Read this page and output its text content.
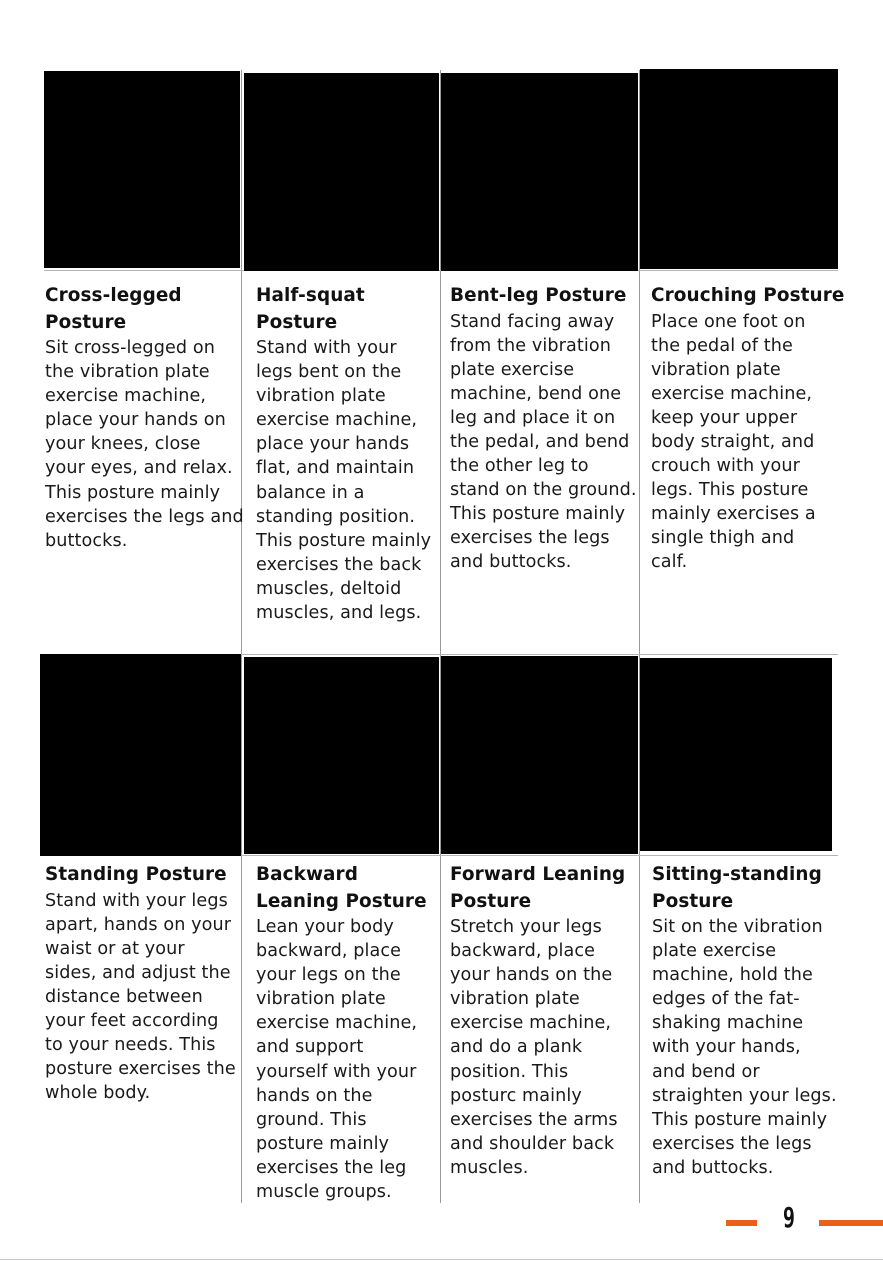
Cross-legged Posture

Sit cross-legged on the vibration plate exercise machine, place your hands on your knees, close your eyes, and relax. This posture mainly exercises the legs and buttocks.

Half-squat Posture

Stand with your legs bent on the vibration plate exercise machine, place your hands flat, and maintain balance in a standing position. This posture mainly exercises the back muscles, deltoid muscles, and legs.

Bent-leg Posture

Stand facing away from the vibration plate exercise machine, bend one leg and place it on the pedal, and bend the other leg to stand on the ground. This posture mainly exercises the legs and buttocks.

Crouching Posture

Place one foot on the pedal of the vibration plate exercise machine, keep your upper body straight, and crouch with your legs. This posture mainly exercises a single thigh and calf.

Standing Posture

Stand with your legs apart, hands on your waist or at your sides, and adjust the distance between your feet according to your needs. This posture exercises the whole body.

Backward Leaning Posture

Lean your body backward, place your legs on the vibration plate exercise machine, and support yourself with your hands on the ground. This posture mainly exercises the leg muscle groups.

Forward Leaning Posture

Stretch your legs backward, place your hands on the vibration plate exercise machine, and do a plank position. This posturc mainly exercises the arms and shoulder back muscles.

Sitting-standing Posture

Sit on the vibration plate exercise machine, hold the edges of the fat-shaking machine with your hands, and bend or straighten your legs. This posture mainly exercises the legs and buttocks.

9
